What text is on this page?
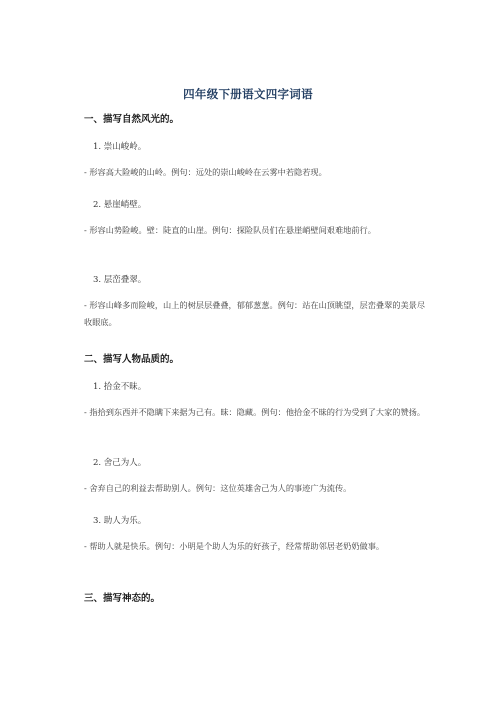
四年级下册语文四字词语
一、描写自然风光的。
1. 崇山峻岭。
- 形容高大险峻的山岭。例句：远处的崇山峻岭在云雾中若隐若现。
2. 悬崖峭壁。
- 形容山势险峻。壁：陡直的山崖。例句：探险队员们在悬崖峭壁间艰难地前行。
3. 层峦叠翠。
- 形容山峰多而险峻，山上的树层层叠叠，郁郁葱葱。例句：站在山顶眺望，层峦叠翠的美景尽收眼底。
二、描写人物品质的。
1. 拾金不昧。
- 指拾到东西并不隐瞒下来据为己有。昧：隐藏。例句：他拾金不昧的行为受到了大家的赞扬。
2. 舍己为人。
- 舍弃自己的利益去帮助别人。例句：这位英雄舍己为人的事迹广为流传。
3. 助人为乐。
- 帮助人就是快乐。例句：小明是个助人为乐的好孩子，经常帮助邻居老奶奶做事。
三、描写神态的。
